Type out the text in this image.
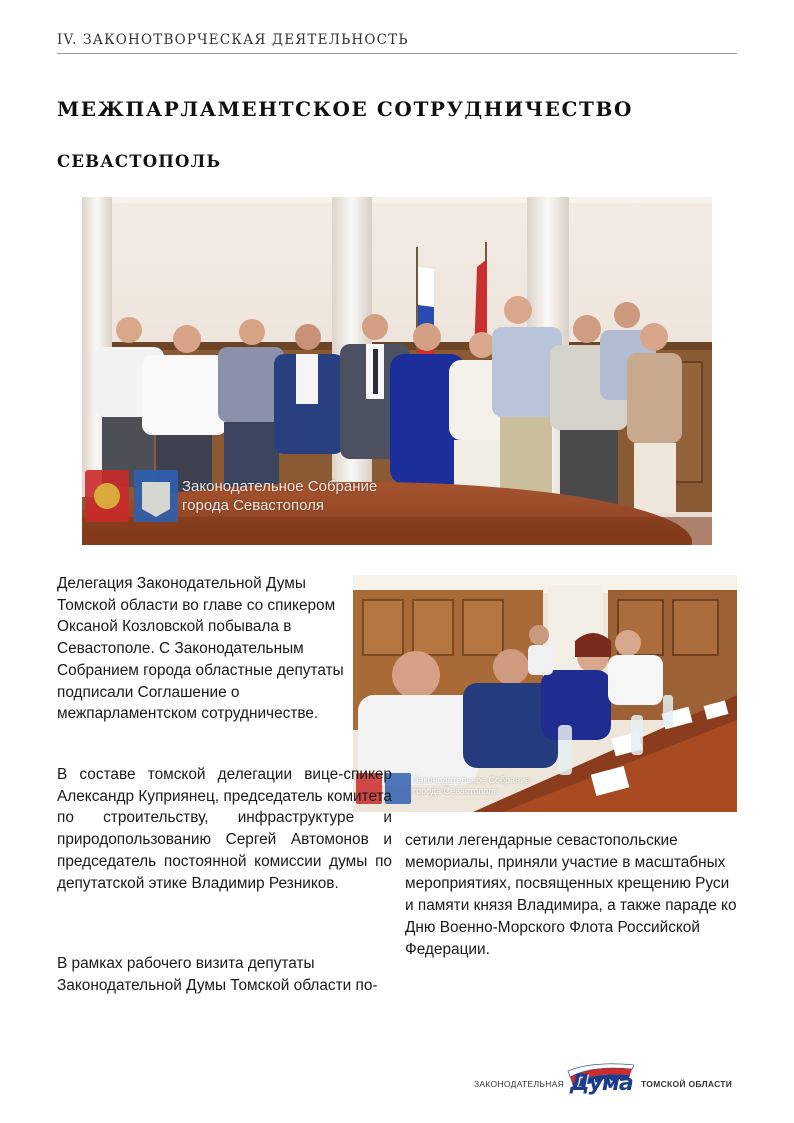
IV. ЗАКОНОТВОРЧЕСКАЯ ДЕЯТЕЛЬНОСТЬ
МЕЖПАРЛАМЕНТСКОЕ СОТРУДНИЧЕСТВО
СЕВАСТОПОЛЬ
Законодательное Собрание
города Севастополя
Законодательное Собрание
города Севастополя

Делегация Законодательной Думы Томской области во главе со спикером Оксаной Козловской побывала в Севастополе. С Законодательным Собранием города областные депутаты подписали Соглашение о межпарламентском сотрудничестве.

В составе томской делегации вице-спикер Александр Куприянец, председатель комитета по строительству, инфраструктуре и природопользованию Сергей Автомонов и председатель постоянной комиссии думы по депутатской этике Владимир Резников.

В рамках рабочего визита депутаты Законодательной Думы Томской области по-

сетили легендарные севастопольские мемориалы, приняли участие в масштабных мероприятиях, посвященных крещению Руси и памяти князя Владимира, а также параде ко Дню Военно-Морского Флота Российской Федерации.

ЗАКОНОДАТЕЛЬНАЯ Дума ТОМСКОЙ ОБЛАСТИ
